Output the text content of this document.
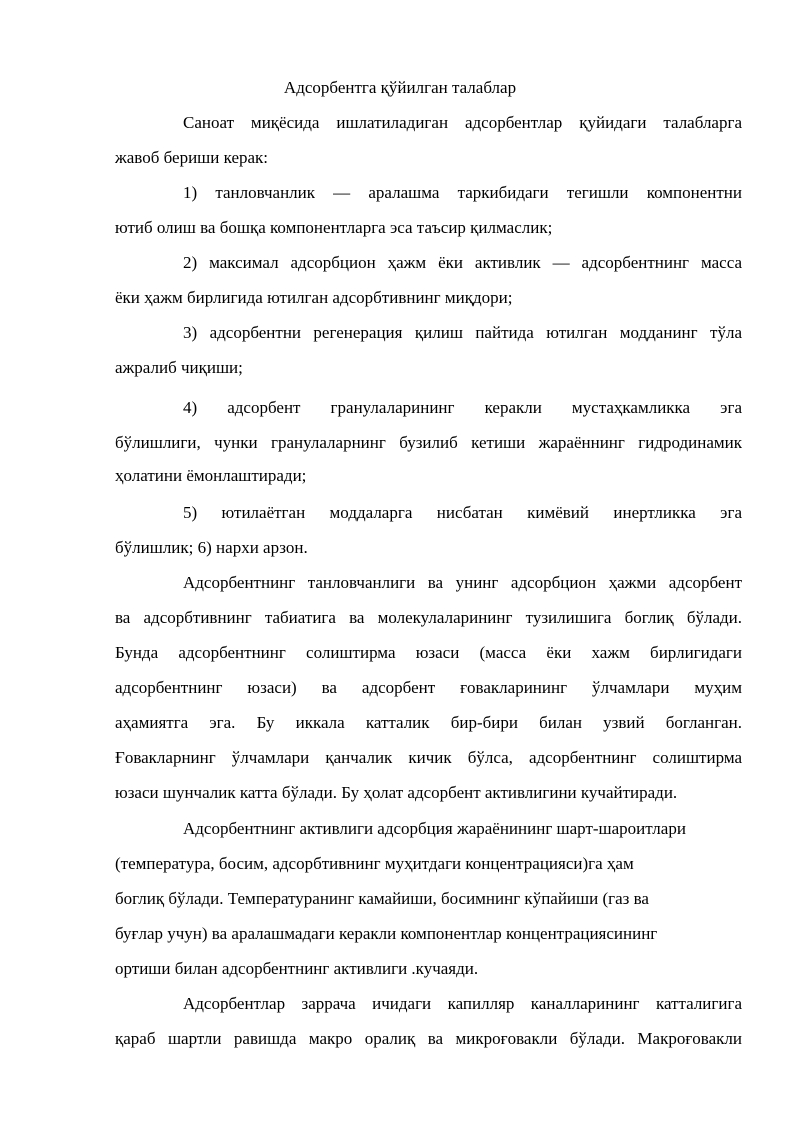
Адсорбентга қўйилган талаблар
Саноат миқёсида ишлатиладиган адсорбентлар қуйидаги талабларга
жавоб бериши керак:
1) танловчанлик — аралашма таркибидаги тегишли компонентни
ютиб олиш ва бошқа компонентларга эса таъсир қилмаслик;
2) максимал адсорбцион ҳажм ёки активлик — адсорбентнинг масса
ёки ҳажм бирлигида ютилган адсорбтивнинг миқдори;
3) адсорбентни регенерация қилиш пайтида ютилган модданинг тўла
ажралиб чиқиши;
4) адсорбент гранулаларининг керакли мустаҳкамликка эга
бўлишлиги, чунки гранулаларнинг бузилиб кетиши жараённинг гидродинамик
ҳолатини ёмонлаштиради;
5) ютилаётган моддаларга нисбатан кимёвий инертликка эга
бўлишлик; 6) нархи арзон.
Адсорбентнинг танловчанлиги ва унинг адсорбцион ҳажми адсорбент
ва адсорбтивнинг табиатига ва молекулаларининг тузилишига боглиқ бўлади.
Бунда адсорбентнинг солиштирма юзаси (масса ёки хажм бирлигидаги
адсорбентнинг юзаси) ва адсорбент ғовакларининг ўлчамлари муҳим
аҳамиятга эга. Бу иккала катталик бир-бири билан узвий богланган.
Ғовакларнинг ўлчамлари қанчалик кичик бўлса, адсорбентнинг солиштирма
юзаси шунчалик катта бўлади. Бу ҳолат адсорбент активлигини кучайтиради.
Адсорбентнинг активлиги адсорбция жараёнининг шарт-шароитлари
(температура, босим, адсорбтивнинг муҳитдаги концентрацияси)га ҳам
боглиқ бўлади. Температуранинг камайиши, босимнинг кўпайиши (газ ва
буғлар учун) ва аралашмадаги керакли компонентлар концентрациясининг
ортиши билан адсорбентнинг активлиги .кучаяди.
Адсорбентлар заррача ичидаги капилляр каналларининг катталигига
қараб шартли равишда макро оралиқ ва микроғовакли бўлади. Макроғовакли
